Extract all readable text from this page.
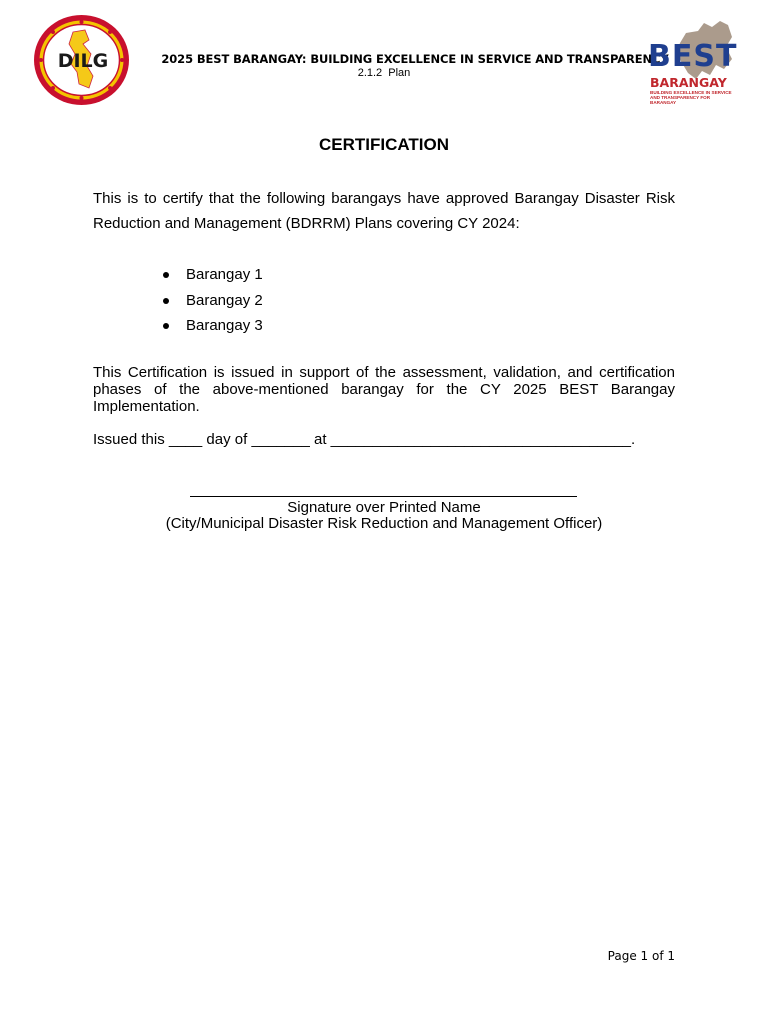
DILG	2025 BEST BARANGAY: BUILDING EXCELLENCE IN SERVICE AND TRANSPARENCY
2.1.2  Plan	BEST
BARANGAY
BUILDING EXCELLENCE IN SERVICE AND TRANSPARENCY FOR BARANGAY
CERTIFICATION
This is to certify that the following barangays have approved Barangay Disaster Risk Reduction and Management (BDRRM) Plans covering CY 2024:
Barangay 1
Barangay 2
Barangay 3
This Certification is issued in support of the assessment, validation, and certification phases of the above-mentioned barangay for the CY 2025 BEST Barangay Implementation.
Issued this ____ day of _______ at ____________________________________.
Signature over Printed Name
(City/Municipal Disaster Risk Reduction and Management Officer)
Page 1 of 1
